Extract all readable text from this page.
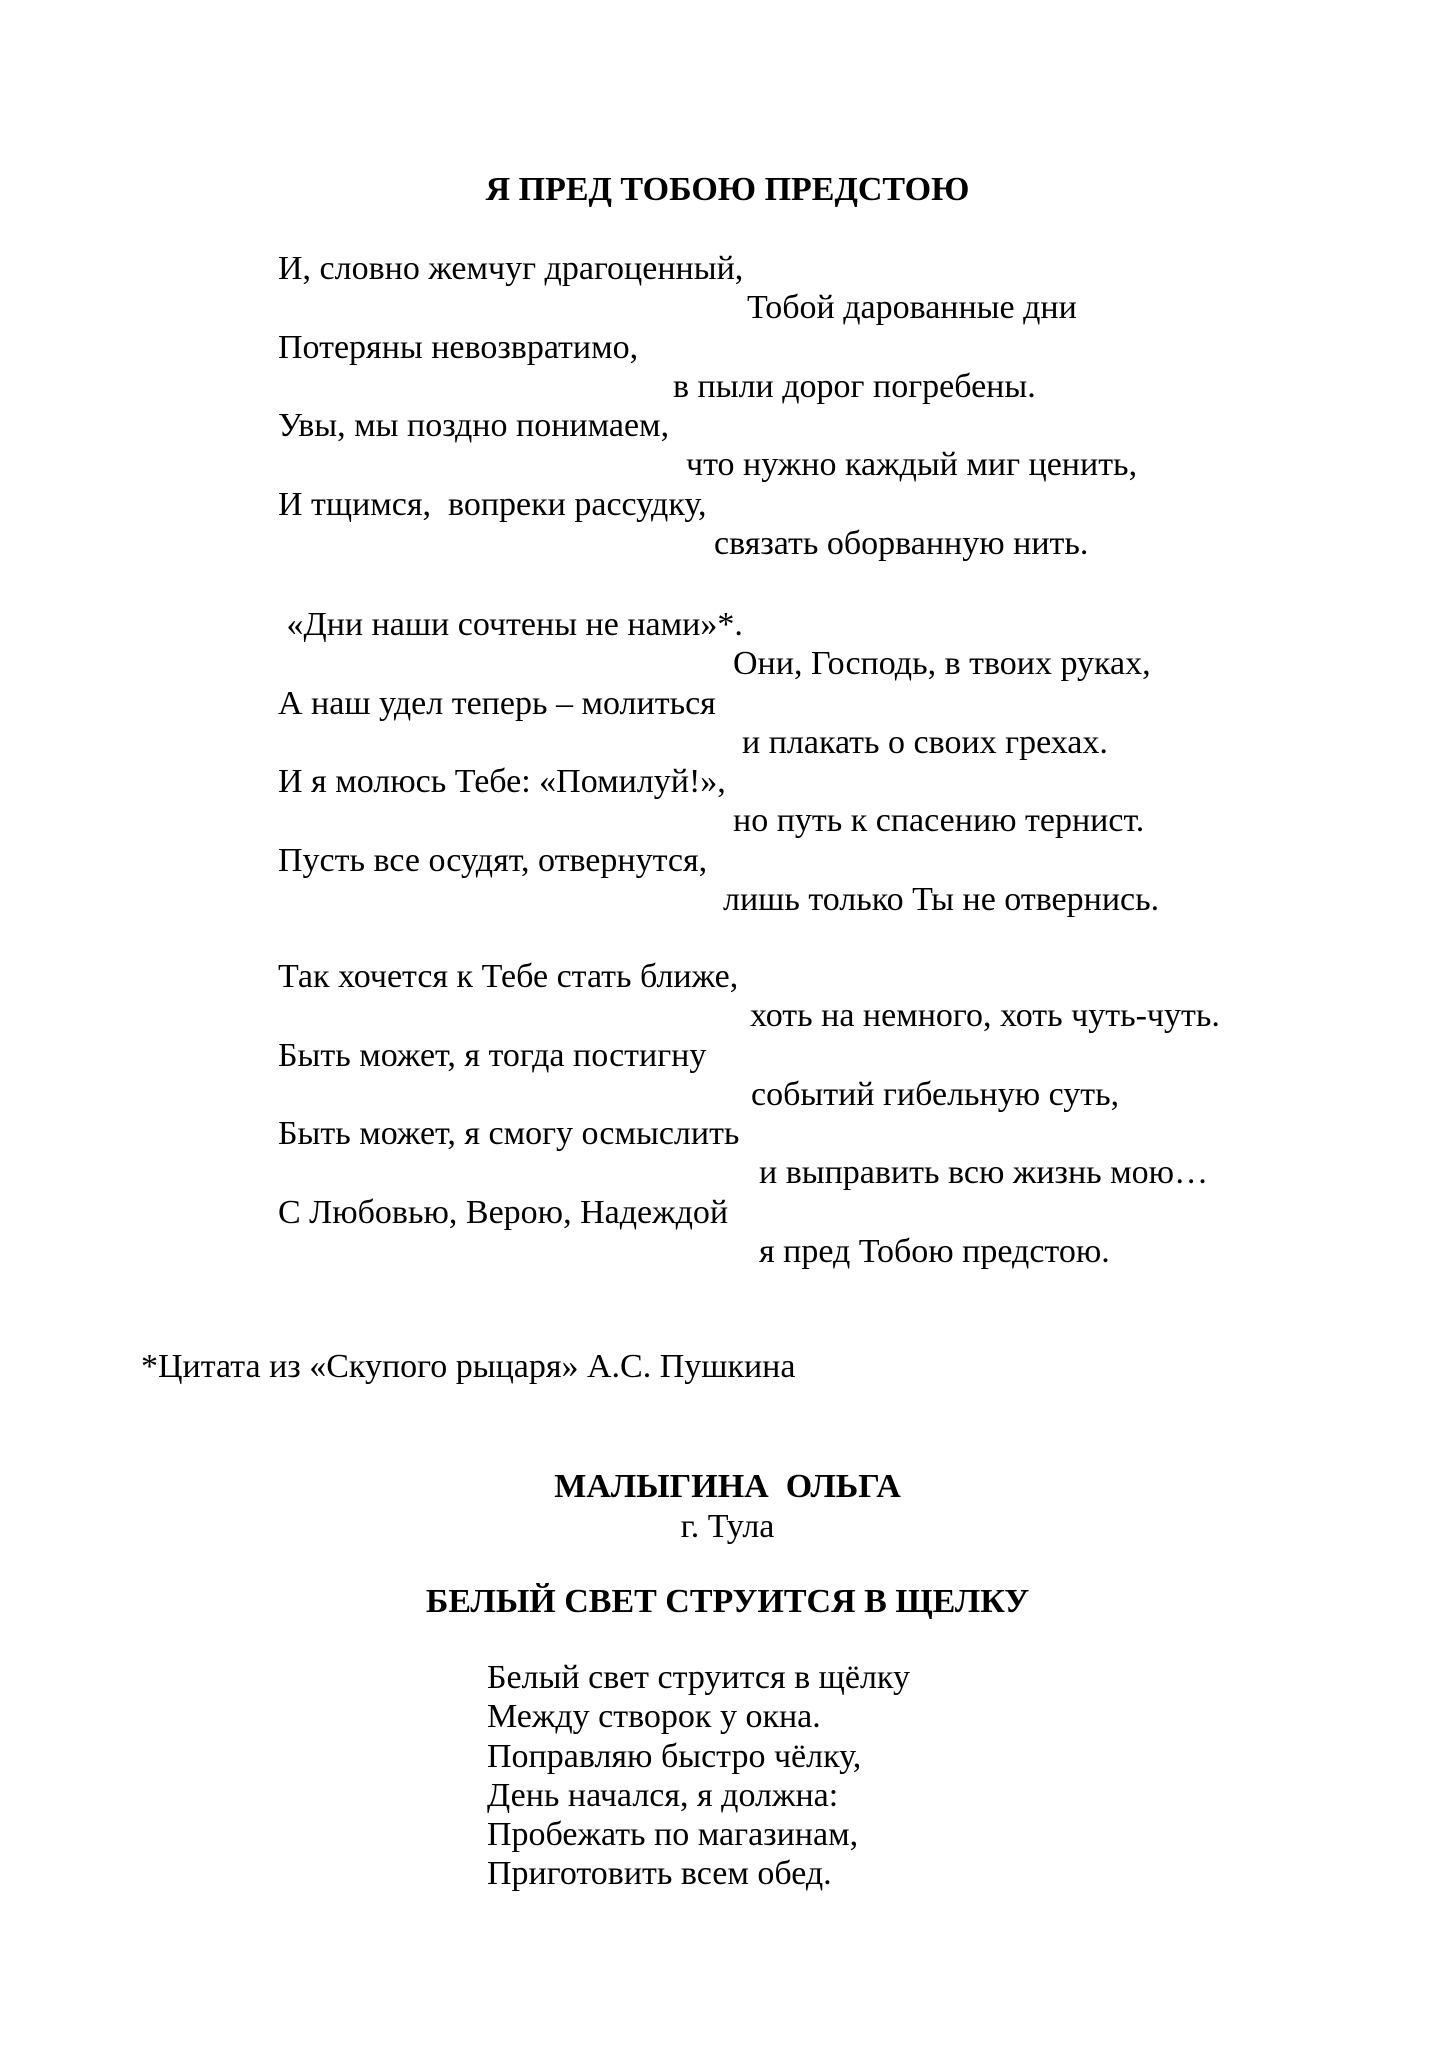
Я ПРЕД ТОБОЮ ПРЕДСТОЮ
И, словно жемчуг драгоценный,
Тобой дарованные дни
Потеряны невозвратимо,
в пыли дорог погребены.
Увы, мы поздно понимаем,
что нужно каждый миг ценить,
И тщимся,  вопреки рассудку,
связать оборванную нить.
«Дни наши сочтены не нами»*.
Они, Господь, в твоих руках,
А наш удел теперь – молиться
и плакать о своих грехах.
И я молюсь Тебе: «Помилуй!»,
но путь к спасению тернист.
Пусть все осудят, отвернутся,
лишь только Ты не отвернись.
Так хочется к Тебе стать ближе,
хоть на немного, хоть чуть-чуть.
Быть может, я тогда постигну
событий гибельную суть,
Быть может, я смогу осмыслить
и выправить всю жизнь мою…
С Любовью, Верою, Надеждой
я пред Тобою предстою.

*Цитата из «Скупого рыцаря» А.С. Пушкина

МАЛЫГИНА  ОЛЬГА

г. Тула

БЕЛЫЙ СВЕТ СТРУИТСЯ В ЩЕЛКУ
Белый свет струится в щёлку
Между створок у окна.
Поправляю быстро чёлку,
День начался, я должна:
Пробежать по магазинам,
Приготовить всем обед.
